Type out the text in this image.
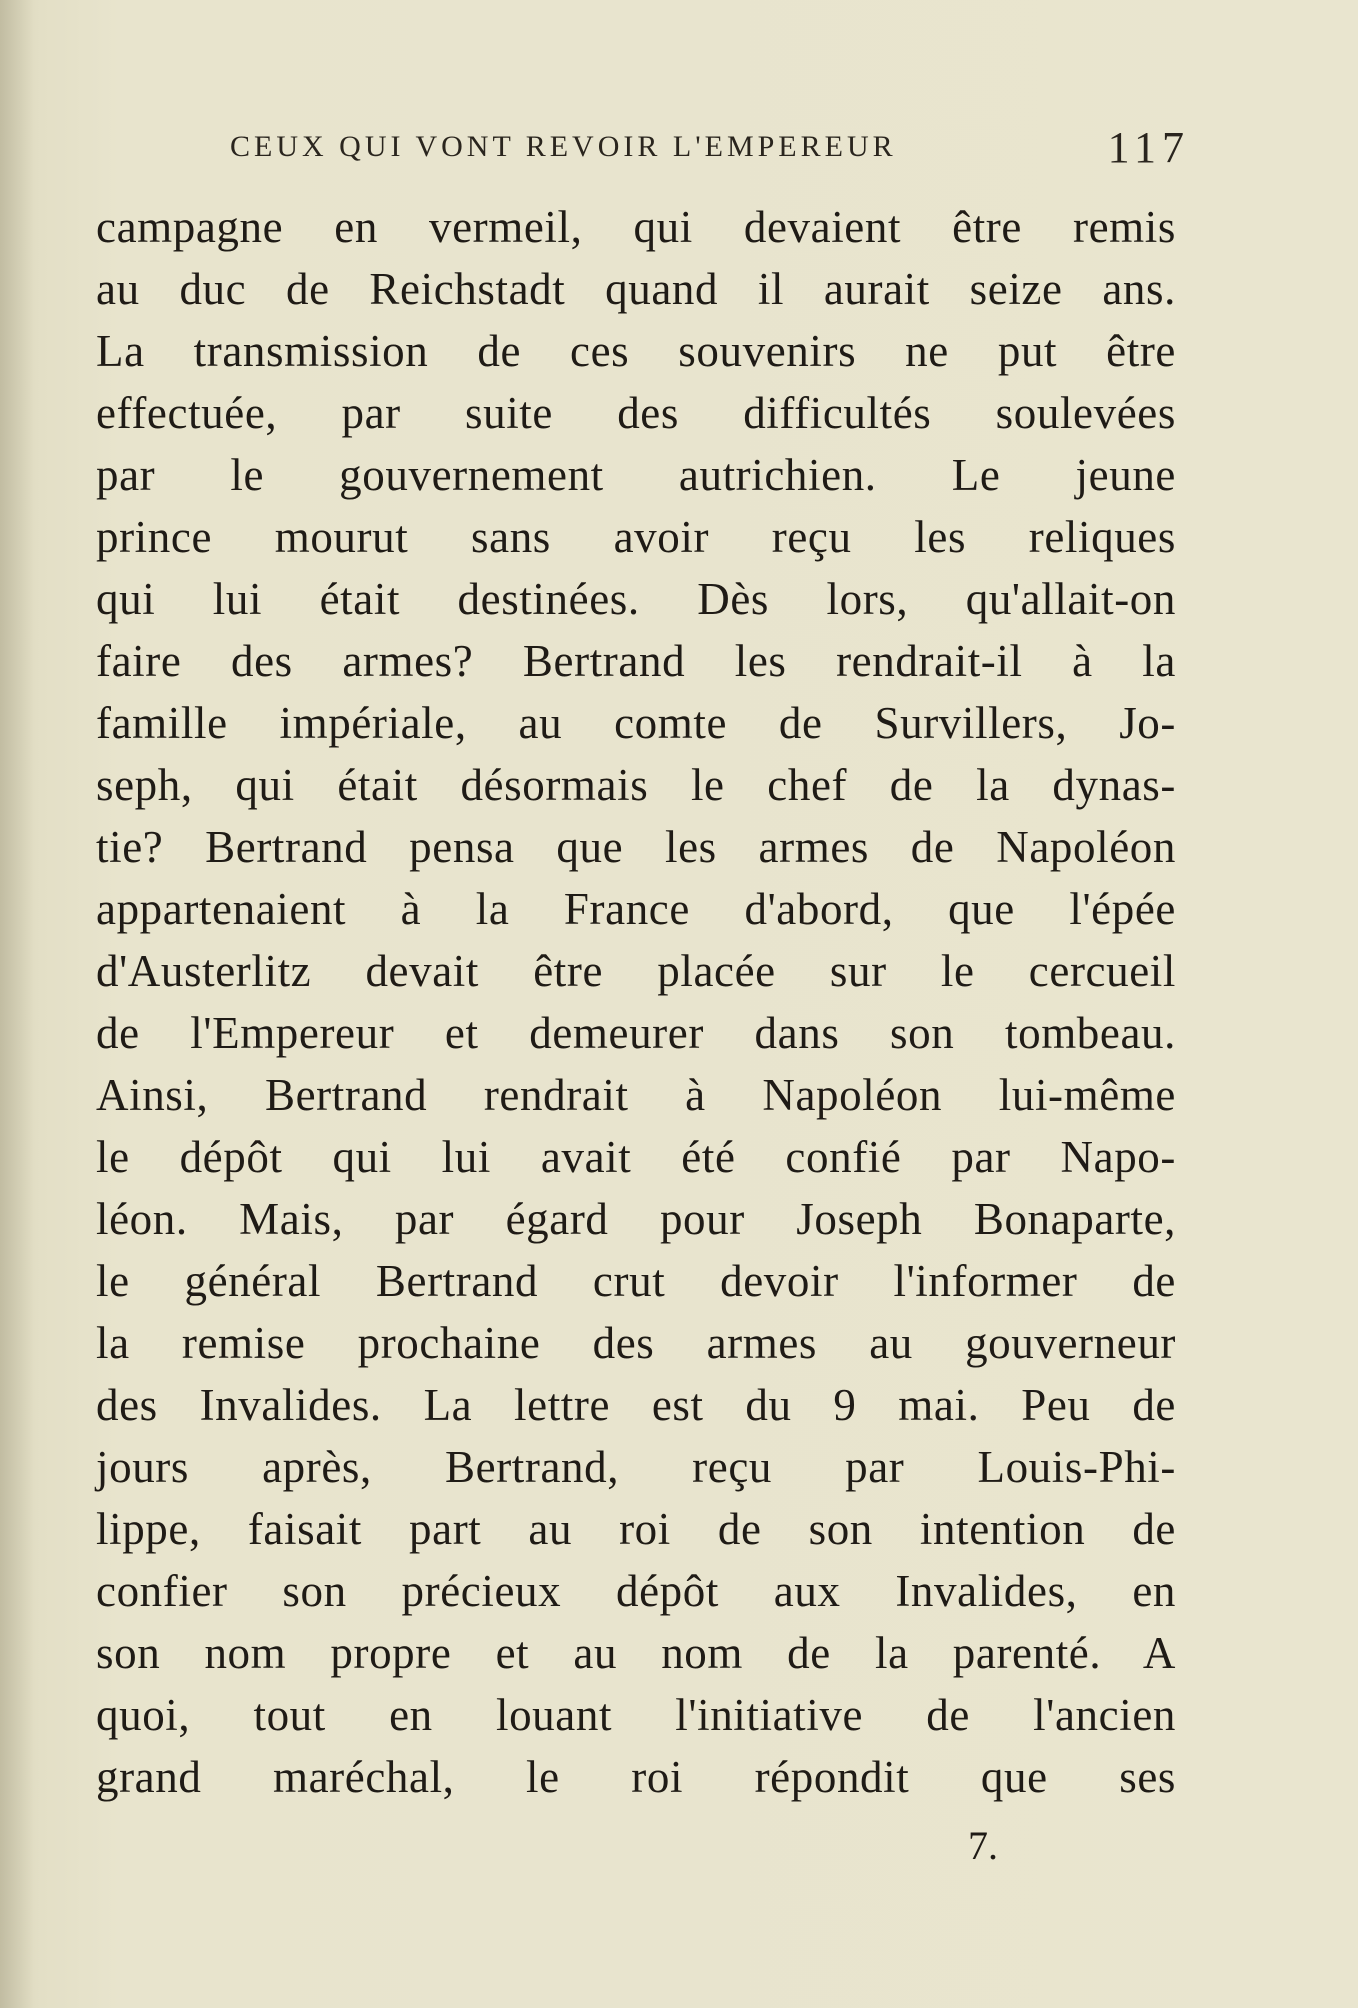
CEUX QUI VONT REVOIR L'EMPEREUR	117
campagne en vermeil, qui devaient être remis
au duc de Reichstadt quand il aurait seize ans.
La transmission de ces souvenirs ne put être
effectuée, par suite des difficultés soulevées
par le gouvernement autrichien. Le jeune
prince mourut sans avoir reçu les reliques
qui lui était destinées. Dès lors, qu'allait-on
faire des armes? Bertrand les rendrait-il à la
famille impériale, au comte de Survillers, Jo-
seph, qui était désormais le chef de la dynas-
tie? Bertrand pensa que les armes de Napoléon
appartenaient à la France d'abord, que l'épée
d'Austerlitz devait être placée sur le cercueil
de l'Empereur et demeurer dans son tombeau.
Ainsi, Bertrand rendrait à Napoléon lui-même
le dépôt qui lui avait été confié par Napo-
léon. Mais, par égard pour Joseph Bonaparte,
le général Bertrand crut devoir l'informer de
la remise prochaine des armes au gouverneur
des Invalides. La lettre est du 9 mai. Peu de
jours après, Bertrand, reçu par Louis-Phi-
lippe, faisait part au roi de son intention de
confier son précieux dépôt aux Invalides, en
son nom propre et au nom de la parenté. A
quoi, tout en louant l'initiative de l'ancien
grand maréchal, le roi répondit que ses
7.
